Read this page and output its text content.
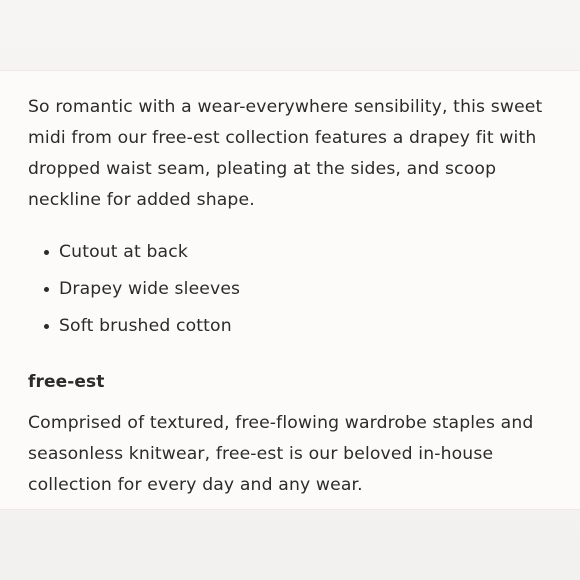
So romantic with a wear-everywhere sensibility, this sweet midi from our free-est collection features a drapey fit with dropped waist seam, pleating at the sides, and scoop neckline for added shape.

Cutout at back
Drapey wide sleeves
Soft brushed cotton
free-est

Comprised of textured, free-flowing wardrobe staples and seasonless knitwear, free-est is our beloved in-house collection for every day and any wear.
